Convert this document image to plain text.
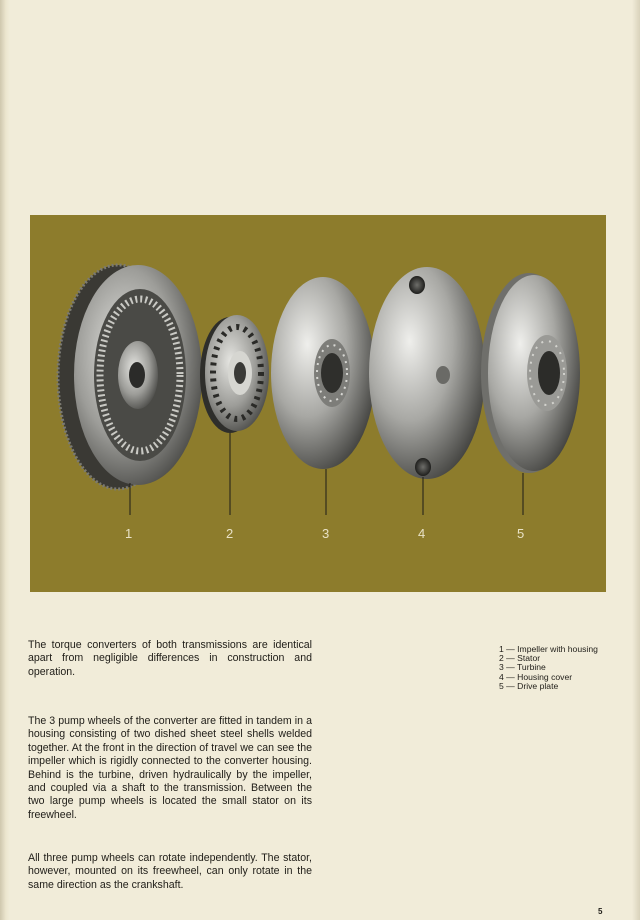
1	2	3	4	5

The torque converters of both transmissions are identical apart from negligible differences in construction and operation.

The 3 pump wheels of the converter are fitted in tandem in a housing consisting of two dished sheet steel shells welded together. At the front in the direction of travel we can see the impeller which is rigidly connected to the converter housing. Behind is the turbine, driven hydraulically by the impeller, and coupled via a shaft to the transmission. Between the two large pump wheels is located the small stator on its freewheel.

All three pump wheels can rotate independently. The stator, however, mounted on its freewheel, can only rotate in the same direction as the crankshaft.

1 — Impeller with housing
2 — Stator
3 — Turbine
4 — Housing cover
5 — Drive plate
5
